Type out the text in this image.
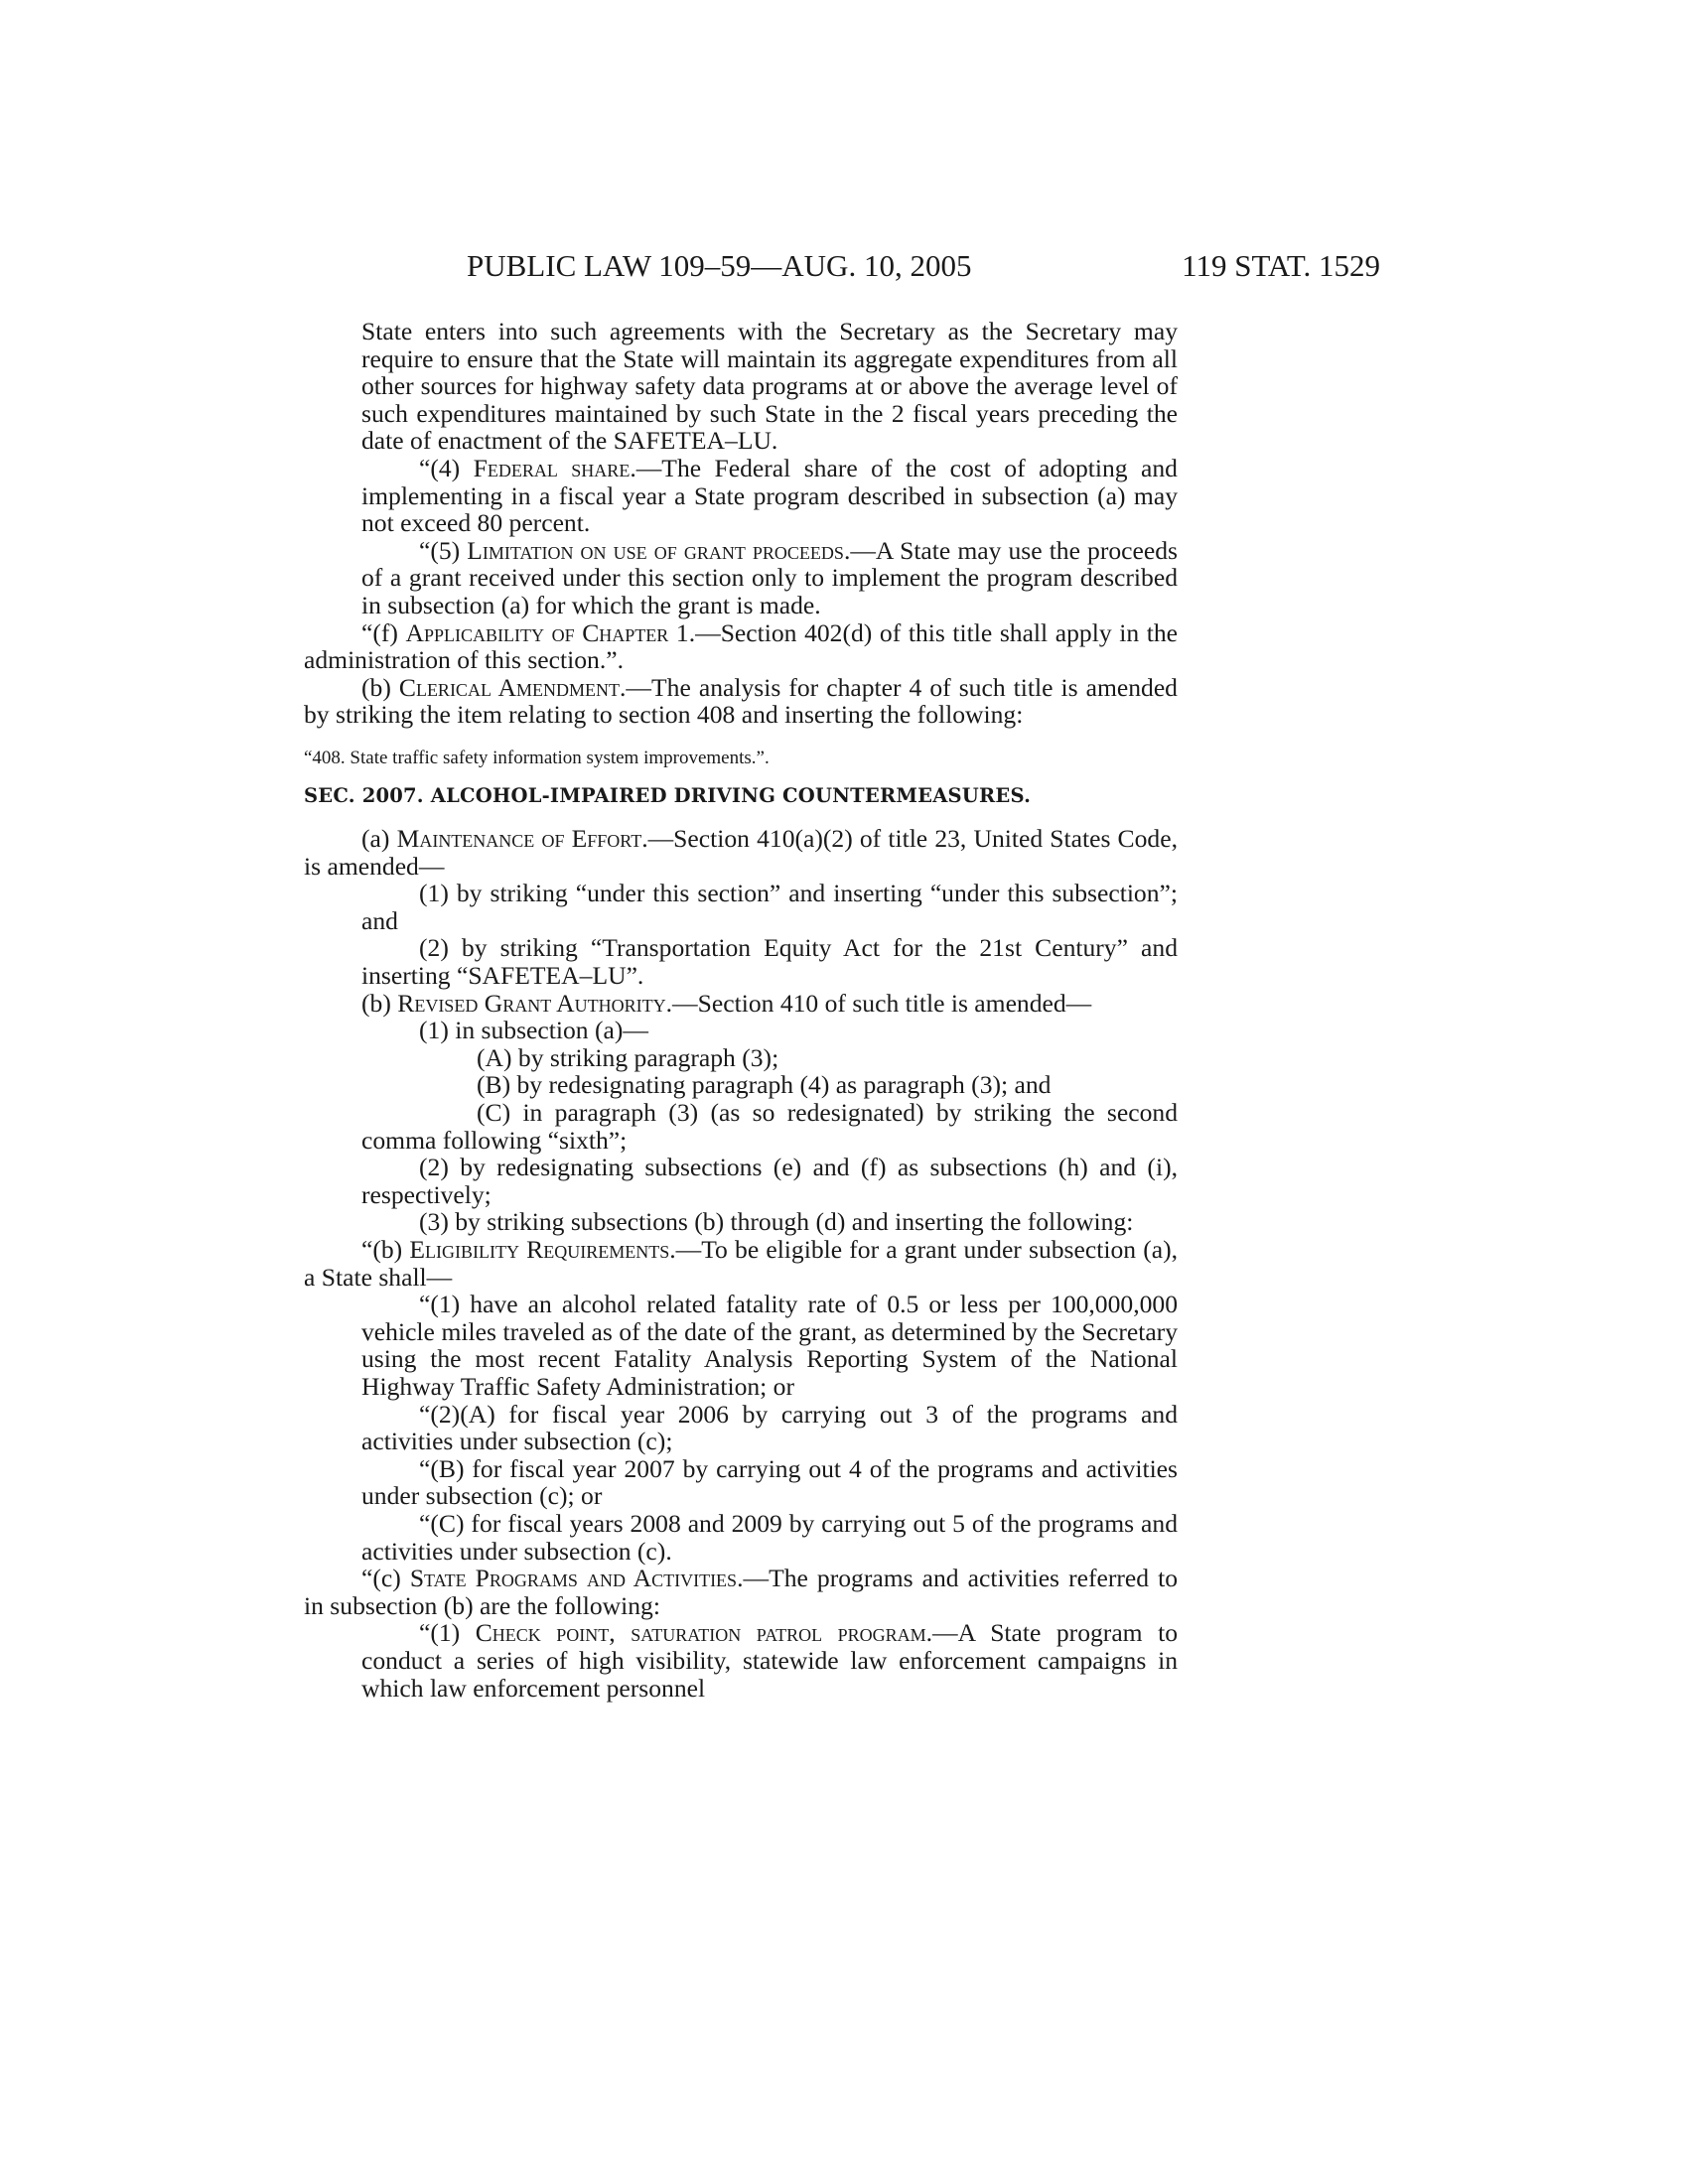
PUBLIC LAW 109–59—AUG. 10, 2005	119 STAT. 1529

State enters into such agreements with the Secretary as the Secretary may require to ensure that the State will maintain its aggregate expenditures from all other sources for highway safety data programs at or above the average level of such expenditures maintained by such State in the 2 fiscal years preceding the date of enactment of the SAFETEA–LU.

“(4) Federal share.—The Federal share of the cost of adopting and implementing in a fiscal year a State program described in subsection (a) may not exceed 80 percent.

“(5) Limitation on use of grant proceeds.—A State may use the proceeds of a grant received under this section only to implement the program described in subsection (a) for which the grant is made.

“(f) Applicability of Chapter 1.—Section 402(d) of this title shall apply in the administration of this section.”.

(b) Clerical Amendment.—The analysis for chapter 4 of such title is amended by striking the item relating to section 408 and inserting the following:

“408. State traffic safety information system improvements.”.

SEC. 2007. ALCOHOL-IMPAIRED DRIVING COUNTERMEASURES.

(a) Maintenance of Effort.—Section 410(a)(2) of title 23, United States Code, is amended—

(1) by striking “under this section” and inserting “under this subsection”; and

(2) by striking “Transportation Equity Act for the 21st Century” and inserting “SAFETEA–LU”.

(b) Revised Grant Authority.—Section 410 of such title is amended—

(1) in subsection (a)—

(A) by striking paragraph (3);

(B) by redesignating paragraph (4) as paragraph (3); and

(C) in paragraph (3) (as so redesignated) by striking the second comma following “sixth”;

(2) by redesignating subsections (e) and (f) as subsections (h) and (i), respectively;

(3) by striking subsections (b) through (d) and inserting the following:

“(b) Eligibility Requirements.—To be eligible for a grant under subsection (a), a State shall—

“(1) have an alcohol related fatality rate of 0.5 or less per 100,000,000 vehicle miles traveled as of the date of the grant, as determined by the Secretary using the most recent Fatality Analysis Reporting System of the National Highway Traffic Safety Administration; or

“(2)(A) for fiscal year 2006 by carrying out 3 of the programs and activities under subsection (c);

“(B) for fiscal year 2007 by carrying out 4 of the programs and activities under subsection (c); or

“(C) for fiscal years 2008 and 2009 by carrying out 5 of the programs and activities under subsection (c).

“(c) State Programs and Activities.—The programs and activities referred to in subsection (b) are the following:

“(1) Check point, saturation patrol program.—A State program to conduct a series of high visibility, statewide law enforcement campaigns in which law enforcement personnel
